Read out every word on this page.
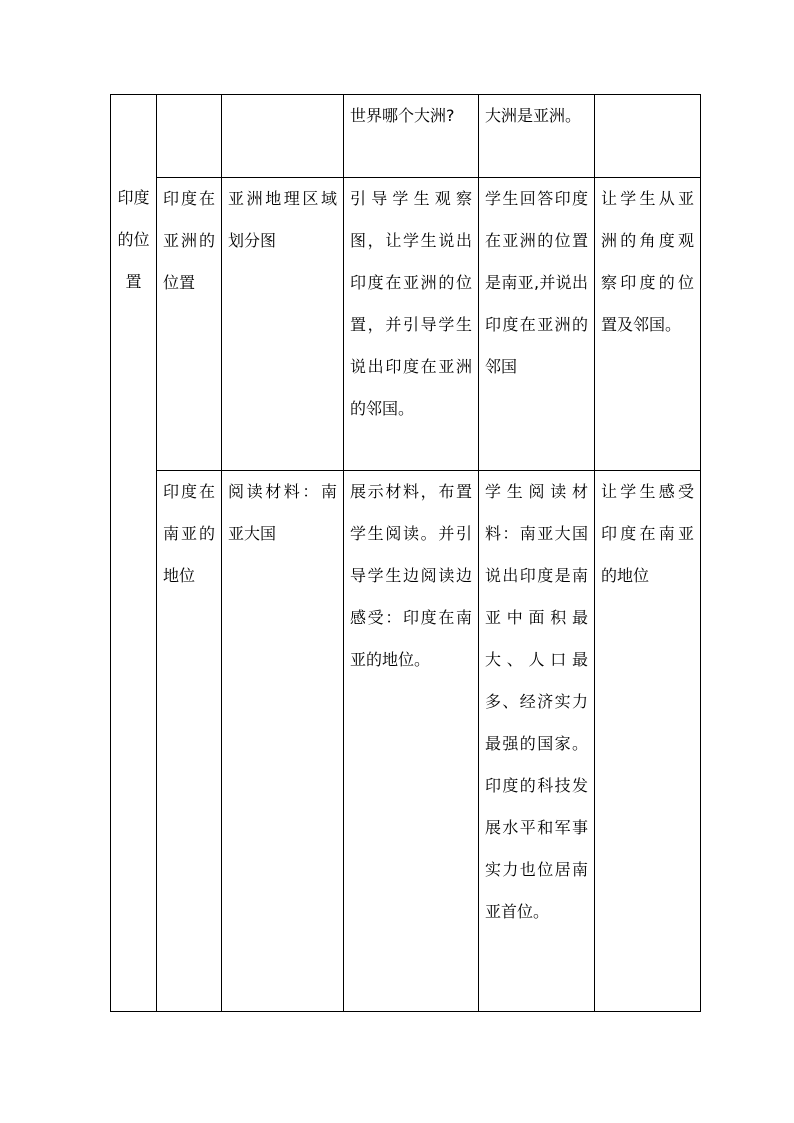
印度的位置			世界哪个大洲?	大洲是亚洲。	

	印度在亚洲的位置	亚洲地理区域划分图	引导学生观察图，让学生说出印度在亚洲的位置，并引导学生说出印度在亚洲的邻国。	学生回答印度在亚洲的位置是南亚,并说出印度在亚洲的邻国	让学生从亚洲的角度观察印度的位置及邻国。

	印度在南亚的地位	阅读材料：南亚大国	展示材料，布置学生阅读。并引导学生边阅读边感受：印度在南亚的地位。	学生阅读材料：南亚大国说出印度是南亚中面积最大、人口最多、经济实力最强的国家。印度的科技发展水平和军事实力也位居南亚首位。	让学生感受印度在南亚的地位
